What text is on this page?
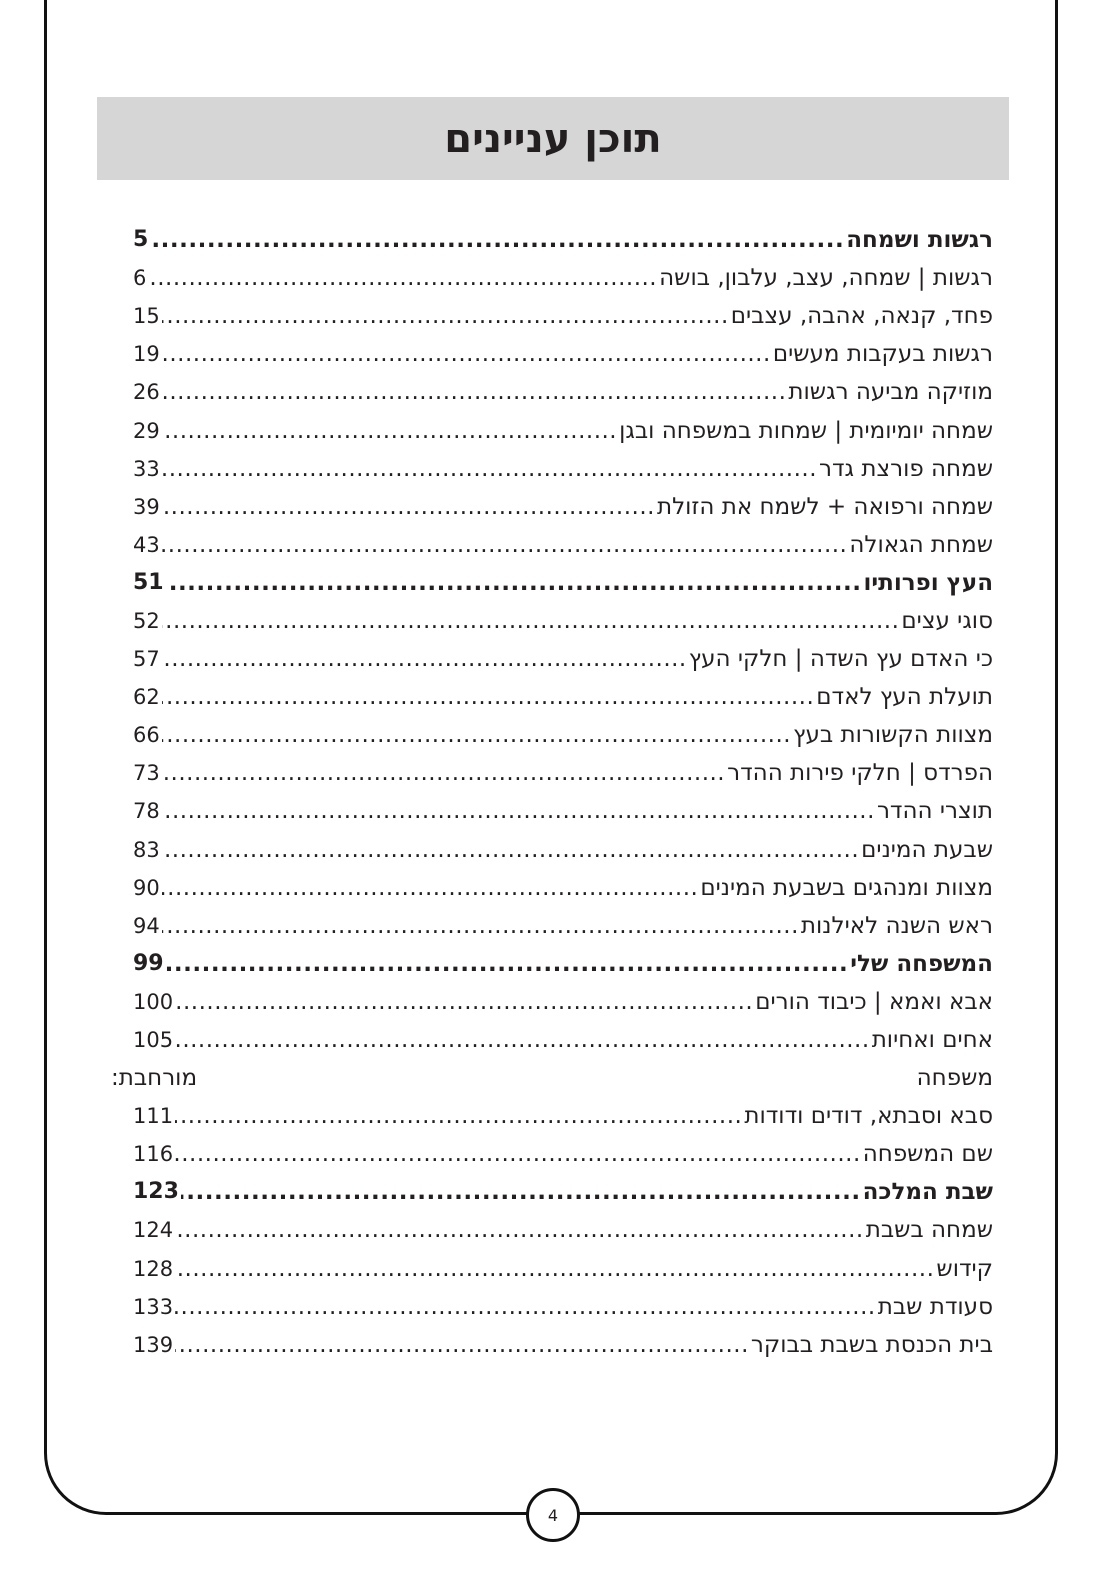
תוכן עניינים
רגשות ושמחה
.....
5
רגשות | שמחה, עצב, עלבון, בושה
.....
6
פחד, קנאה, אהבה, עצבים
.....
15
רגשות בעקבות מעשים
.....
19
מוזיקה מביעה רגשות
.....
26
שמחה יומיומית | שמחות במשפחה ובגן
.....
29
שמחה פורצת גדר
.....
33
שמחה ורפואה + לשמח את הזולת
.....
39
שמחת הגאולה
.....
43
העץ ופרותיו
.....
51
סוגי עצים
.....
52
כי האדם עץ השדה | חלקי העץ
.....
57
תועלת העץ לאדם
.....
62
מצוות הקשורות בעץ
.....
66
הפרדס | חלקי פירות ההדר
.....
73
תוצרי ההדר
.....
78
שבעת המינים
.....
83
מצוות ומנהגים בשבעת המינים
.....
90
ראש השנה לאילנות
.....
94
המשפחה שלי
.....
99
אבא ואמא | כיבוד הורים
.....
100
אחים ואחיות
.....
105
משפחה
מורחבת:
סבא וסבתא, דודים ודודות
.....
111
שם המשפחה
.....
116
שבת המלכה
.....
123
שמחה בשבת
.....
124
קידוש
.....
128
סעודת שבת
.....
133
בית הכנסת בשבת בבוקר
.....
139
4
